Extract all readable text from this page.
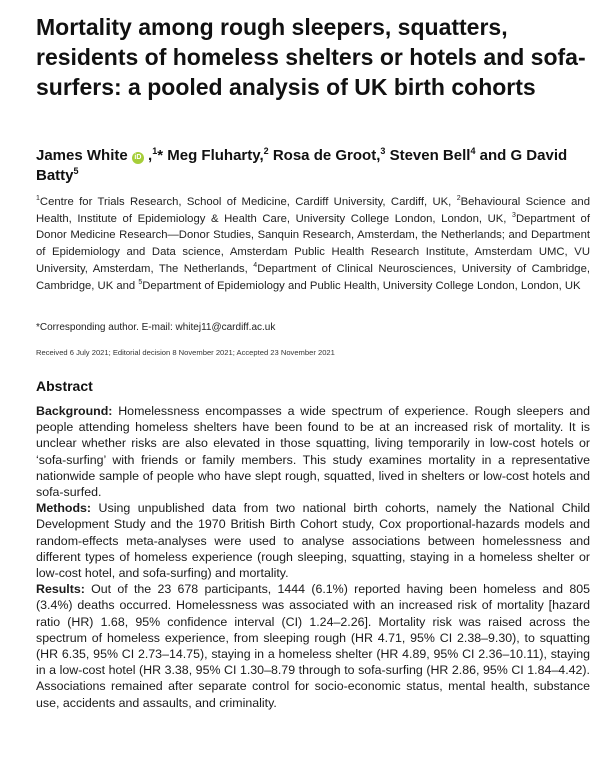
Mortality among rough sleepers, squatters, residents of homeless shelters or hotels and sofa-surfers: a pooled analysis of UK birth cohorts
James White iD ,$^1$* Meg Fluharty,$^2$ Rosa de Groot,$^3$ Steven Bell$^4$ and G David Batty$^5$
$^1$Centre for Trials Research, School of Medicine, Cardiff University, Cardiff, UK, $^2$Behavioural Science and Health, Institute of Epidemiology & Health Care, University College London, London, UK, $^3$Department of Donor Medicine Research—Donor Studies, Sanquin Research, Amsterdam, the Netherlands; and Department of Epidemiology and Data science, Amsterdam Public Health Research Institute, Amsterdam UMC, VU University, Amsterdam, The Netherlands, $^4$Department of Clinical Neurosciences, University of Cambridge, Cambridge, UK and $^5$Department of Epidemiology and Public Health, University College London, London, UK
*Corresponding author. E-mail: whitej11@cardiff.ac.uk
Received 6 July 2021; Editorial decision 8 November 2021; Accepted 23 November 2021
Abstract

Background: Homelessness encompasses a wide spectrum of experience. Rough sleepers and people attending homeless shelters have been found to be at an increased risk of mortality. It is unclear whether risks are also elevated in those squatting, living temporarily in low-cost hotels or ‘sofa-surfing’ with friends or family members. This study examines mortality in a representative nationwide sample of people who have slept rough, squatted, lived in shelters or low-cost hotels and sofa-surfed.

Methods: Using unpublished data from two national birth cohorts, namely the National Child Development Study and the 1970 British Birth Cohort study, Cox proportional-hazards models and random-effects meta-analyses were used to analyse associations between homelessness and different types of homeless experience (rough sleeping, squatting, staying in a homeless shelter or low-cost hotel, and sofa-surfing) and mortality.

Results: Out of the 23 678 participants, 1444 (6.1%) reported having been homeless and 805 (3.4%) deaths occurred. Homelessness was associated with an increased risk of mortality [hazard ratio (HR) 1.68, 95% confidence interval (CI) 1.24–2.26]. Mortality risk was raised across the spectrum of homeless experience, from sleeping rough (HR 4.71, 95% CI 2.38–9.30), to squatting (HR 6.35, 95% CI 2.73–14.75), staying in a homeless shelter (HR 4.89, 95% CI 2.36–10.11), staying in a low-cost hotel (HR 3.38, 95% CI 1.30–8.79 through to sofa-surfing (HR 2.86, 95% CI 1.84–4.42). Associations remained after separate control for socio-economic status, mental health, substance use, accidents and assaults, and criminality.
